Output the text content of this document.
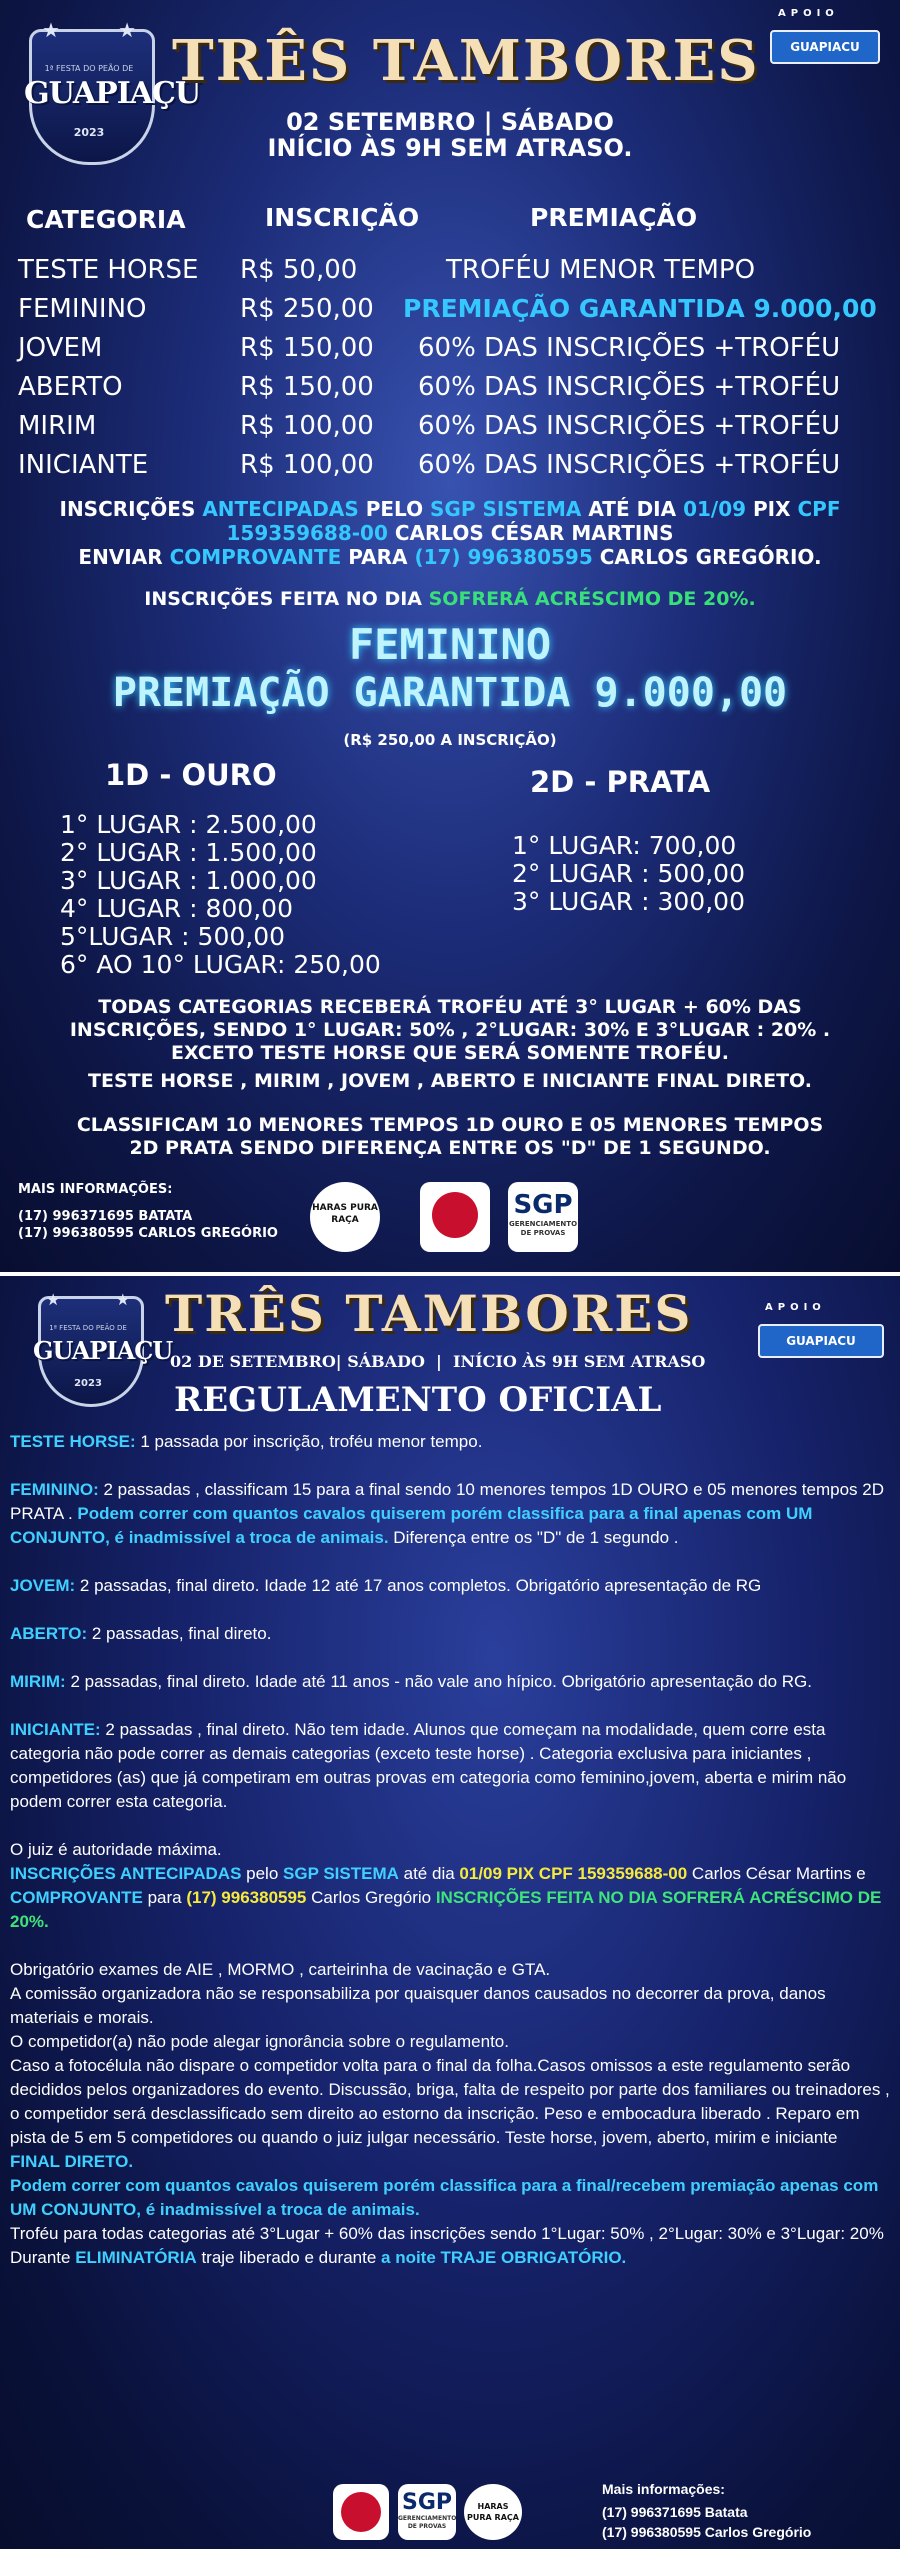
★	★
1ª FESTA DO PEÃO DE
GUAPIAÇU
2023
TRÊS TAMBORES
APOIO
GUAPIACU
02 SETEMBRO | SÁBADO
INÍCIO ÀS 9H SEM ATRASO.
CATEGORIA	INSCRIÇÃO	PREMIAÇÃO
TESTE HORSE R$ 50,00	TROFÉU MENOR TEMPO
FEMININO	R$ 250,00 PREMIAÇÃO GARANTIDA 9.000,00
JOVEM	R$ 150,00 60% DAS INSCRIÇÕES +TROFÉU
ABERTO	R$ 150,00 60% DAS INSCRIÇÕES +TROFÉU
MIRIM	R$ 100,00 60% DAS INSCRIÇÕES +TROFÉU
INICIANTE	R$ 100,00 60% DAS INSCRIÇÕES +TROFÉU
INSCRIÇÕES ANTECIPADAS PELO SGP SISTEMA ATÉ DIA 01/09 PIX CPF
159359688-00 CARLOS CÉSAR MARTINS
ENVIAR COMPROVANTE PARA (17) 996380595 CARLOS GREGÓRIO.
INSCRIÇÕES FEITA NO DIA SOFRERÁ ACRÉSCIMO DE 20%.
FEMININO
PREMIAÇÃO GARANTIDA 9.000,00
(R$ 250,00 A INSCRIÇÃO)
1D - OURO
1° LUGAR : 2.500,00
2° LUGAR : 1.500,00
3° LUGAR : 1.000,00
4° LUGAR : 800,00
5°LUGAR : 500,00
6° AO 10° LUGAR: 250,00
2D - PRATA
1° LUGAR: 700,00
2° LUGAR : 500,00
3° LUGAR : 300,00
TODAS CATEGORIAS RECEBERÁ TROFÉU ATÉ 3° LUGAR + 60% DAS
INSCRIÇÕES, SENDO 1° LUGAR: 50% , 2°LUGAR: 30% E 3°LUGAR : 20% .
EXCETO TESTE HORSE QUE SERÁ SOMENTE TROFÉU.
TESTE HORSE , MIRIM , JOVEM , ABERTO E INICIANTE FINAL DIRETO.
CLASSIFICAM 10 MENORES TEMPOS 1D OURO E 05 MENORES TEMPOS
2D PRATA SENDO DIFERENÇA ENTRE OS "D" DE 1 SEGUNDO.
MAIS INFORMAÇÕES:
(17) 996371695 BATATA
(17) 996380595 CARLOS GREGÓRIO
HARAS PURA RAÇA	SGP
GERENCIAMENTO DE PROVAS
★	★
1ª FESTA DO PEÃO DE
GUAPIAÇU
2023
TRÊS TAMBORES	APOIO
GUAPIACU
02 DE SETEMBRO| SÁBADO  |  INÍCIO ÀS 9H SEM ATRASO
REGULAMENTO OFICIAL

TESTE HORSE: 1 passada por inscrição, troféu menor tempo.

FEMININO: 2 passadas , classificam 15 para a final sendo 10 menores tempos 1D OURO e 05 menores tempos 2D PRATA . Podem correr com quantos cavalos quiserem porém classifica para a final apenas com UM CONJUNTO, é inadmissível a troca de animais. Diferença entre os "D" de 1 segundo .

JOVEM: 2 passadas, final direto. Idade 12 até 17 anos completos. Obrigatório apresentação de RG

ABERTO: 2 passadas, final direto.

MIRIM: 2 passadas, final direto. Idade até 11 anos - não vale ano hípico. Obrigatório apresentação do RG.

INICIANTE: 2 passadas , final direto. Não tem idade. Alunos que começam na modalidade, quem corre esta categoria não pode correr as demais categorias (exceto teste horse) . Categoria exclusiva para iniciantes , competidores (as) que já competiram em outras provas em categoria como feminino,jovem, aberta e mirim não podem correr esta categoria.

O juiz é autoridade máxima.

INSCRIÇÕES ANTECIPADAS pelo SGP SISTEMA até dia 01/09 PIX CPF 159359688-00 Carlos César Martins e COMPROVANTE para (17) 996380595 Carlos Gregório INSCRIÇÕES FEITA NO DIA SOFRERÁ ACRÉSCIMO DE 20%.

Obrigatório exames de AIE , MORMO , carteirinha de vacinação e GTA.

A comissão organizadora não se responsabiliza por quaisquer danos causados no decorrer da prova, danos materiais e morais.

O competidor(a) não pode alegar ignorância sobre o regulamento.

Caso a fotocélula não dispare o competidor volta para o final da folha.Casos omissos a este regulamento serão decididos pelos organizadores do evento. Discussão, briga, falta de respeito por parte dos familiares ou treinadores , o competidor será desclassificado sem direito ao estorno da inscrição. Peso e embocadura liberado . Reparo em pista de 5 em 5 competidores ou quando o juiz julgar necessário. Teste horse, jovem, aberto, mirim e iniciante FINAL DIRETO.

Podem correr com quantos cavalos quiserem porém classifica para a final/recebem premiação apenas com UM CONJUNTO, é inadmissível a troca de animais.

Troféu para todas categorias até 3°Lugar + 60% das inscrições sendo 1°Lugar: 50% , 2°Lugar: 30% e 3°Lugar: 20%

Durante ELIMINATÓRIA traje liberado e durante a noite TRAJE OBRIGATÓRIO.

SGP
GERENCIAMENTO DE PROVAS
HARAS PURA RAÇA
Mais informações:
(17) 996371695 Batata
(17) 996380595 Carlos Gregório
